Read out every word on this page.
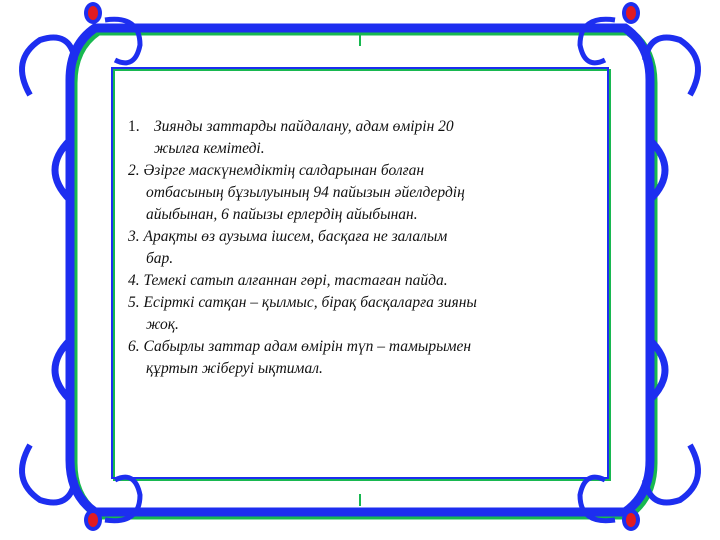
1. Зиянды заттарды пайдалану, адам өмірін 20
жылға кемітеді.
2. Әзірге маскүнемдіктің салдарынан болған
отбасының бұзылуының 94 пайызын әйелдердің
айыбынан, 6 пайызы ерлердің айыбынан.
3. Арақты өз аузыма ішсем, басқаға не залалым
бар.
4. Темекі сатып алғаннан гөрі, тастаған пайда.
5. Есірткі сатқан – қылмыс, бірақ басқаларға зияны
жоқ.
6. Сабырлы заттар адам өмірін түп – тамырымен
құртып жіберуі ықтимал.
